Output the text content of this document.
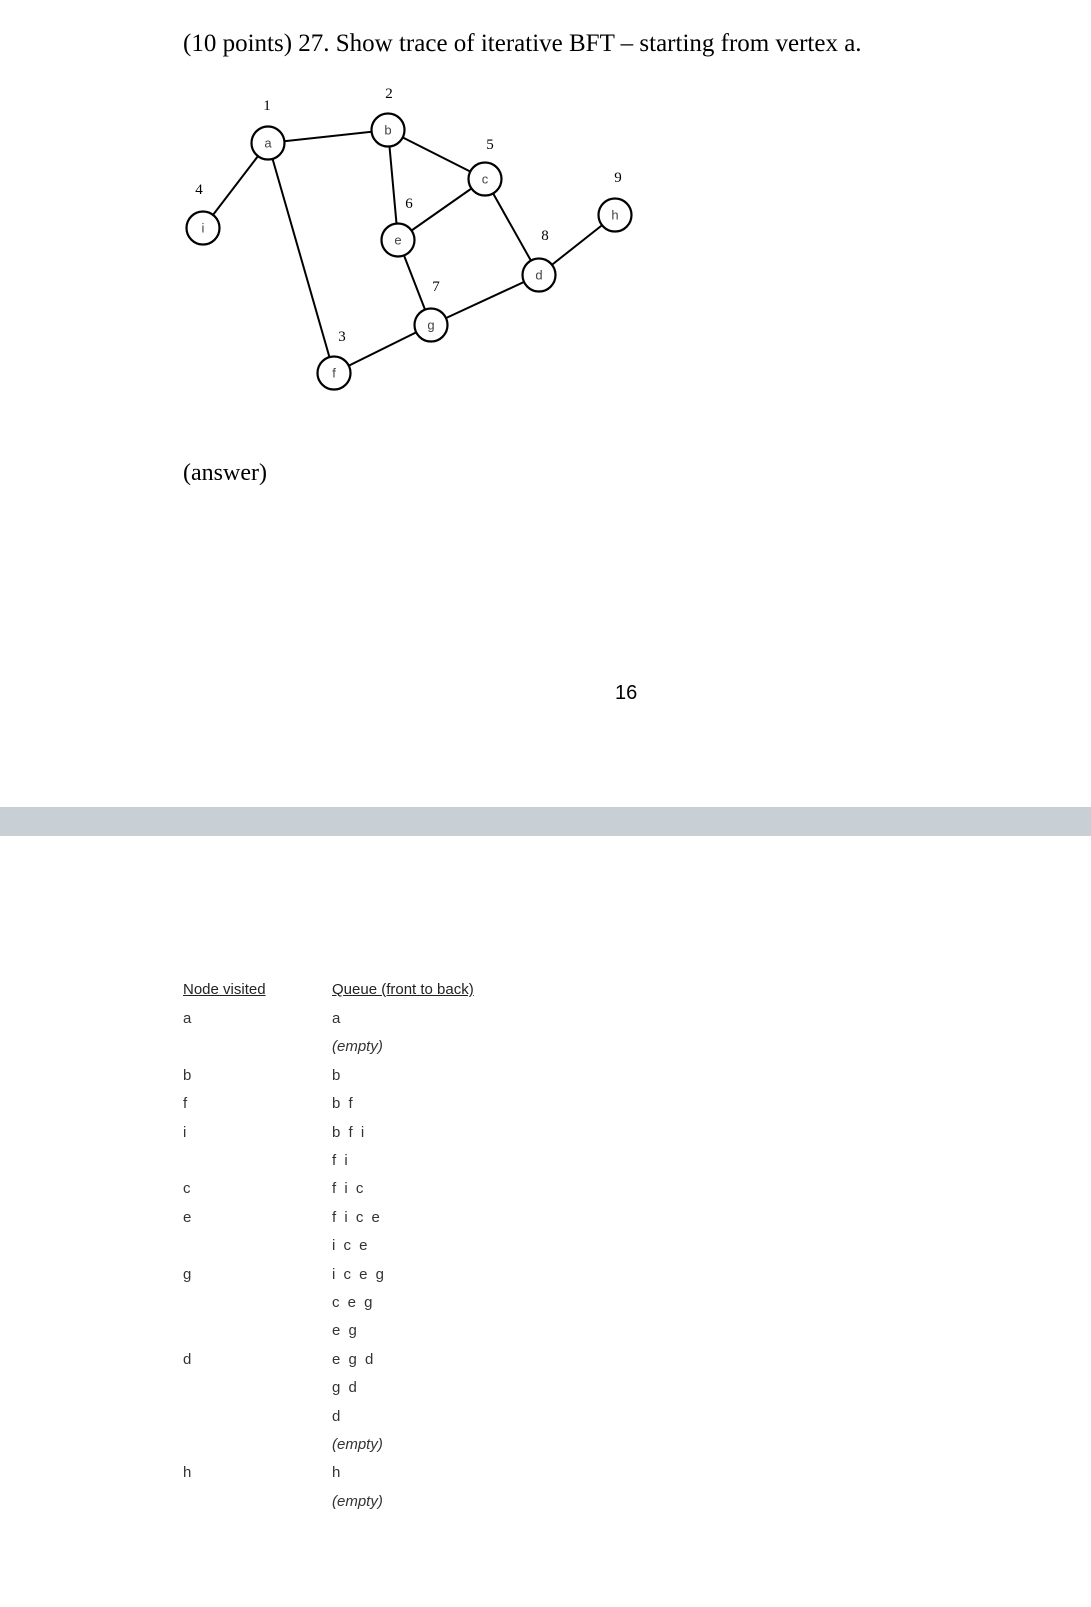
(10 points) 27. Show trace of iterative BFT – starting from vertex a.
a
b
c
d
e
f
g
h
i
1
2
3
4
5
6
7
8
9
(answer)
16
Node visited	Queue (front to back)
a	a
(empty)
b	b
f	b f
i	b f i
f i
c	f i c
e	f i c e
i c e
g	i c e g
c e g
e g
d	e g d
g d
d
(empty)
h	h
(empty)
